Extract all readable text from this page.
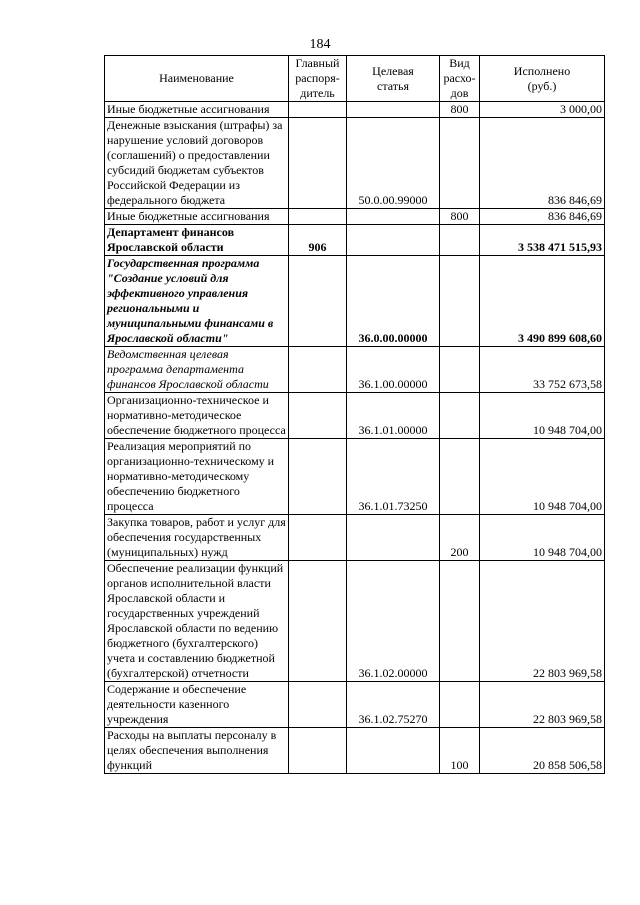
184
Наименование	Главный
распоря-
дитель	Целевая
статья	Вид
расхо-
дов	Исполнено
(руб.)
Иные бюджетные ассигнования			800	3 000,00
Денежные взыскания (штрафы) за нарушение условий договоров (соглашений) о предоставлении субсидий бюджетам субъектов Российской Федерации из федерального бюджета		50.0.00.99000		836 846,69
Иные бюджетные ассигнования			800	836 846,69
Департамент финансов Ярославской области	906			3 538 471 515,93
Государственная программа "Создание условий для эффективного управления региональными и муниципальными финансами в Ярославской области"		36.0.00.00000		3 490 899 608,60
Ведомственная целевая программа департамента финансов Ярославской области		36.1.00.00000		33 752 673,58
Организационно-техническое и нормативно-методическое обеспечение бюджетного процесса		36.1.01.00000		10 948 704,00
Реализация мероприятий по организационно-техническому и нормативно-методическому обеспечению бюджетного процесса		36.1.01.73250		10 948 704,00
Закупка товаров, работ и услуг для обеспечения государственных (муниципальных) нужд			200	10 948 704,00
Обеспечение реализации функций органов исполнительной власти Ярославской области и государственных учреждений Ярославской области по ведению бюджетного (бухгалтерского) учета и составлению бюджетной (бухгалтерской) отчетности		36.1.02.00000		22 803 969,58
Содержание и обеспечение деятельности казенного учреждения		36.1.02.75270		22 803 969,58
Расходы на выплаты персоналу в целях обеспечения выполнения функций			100	20 858 506,58
